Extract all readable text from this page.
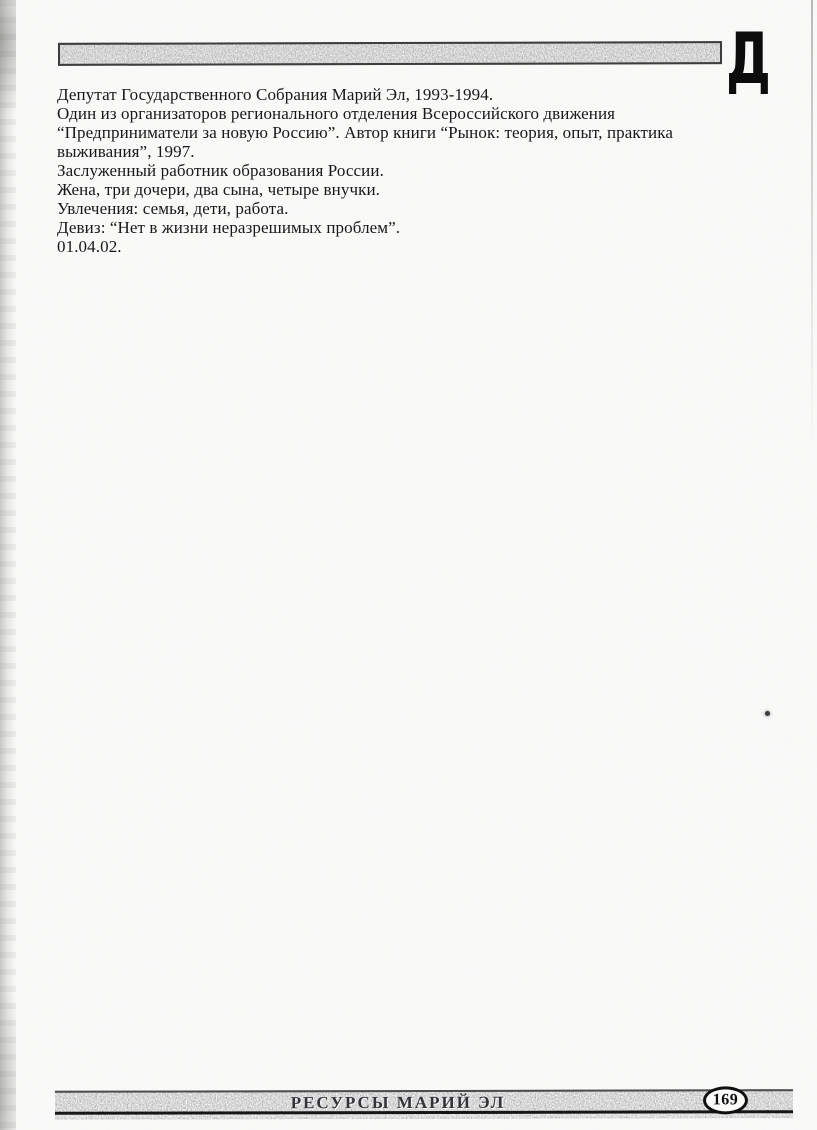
Д
Депутат Государственного Собрания Марий Эл, 1993-1994.
Один из организаторов регионального отделения Всероссийского движения
“Предприниматели за новую Россию”. Автор книги “Рынок: теория, опыт, практика
выживания”, 1997.
Заслуженный работник образования России.
Жена, три дочери, два сына, четыре внучки.
Увлечения: семья, дети, работа.
Девиз: “Нет в жизни неразрешимых проблем”.
01.04.02.
РЕСУРСЫ МАРИЙ ЭЛ	169
